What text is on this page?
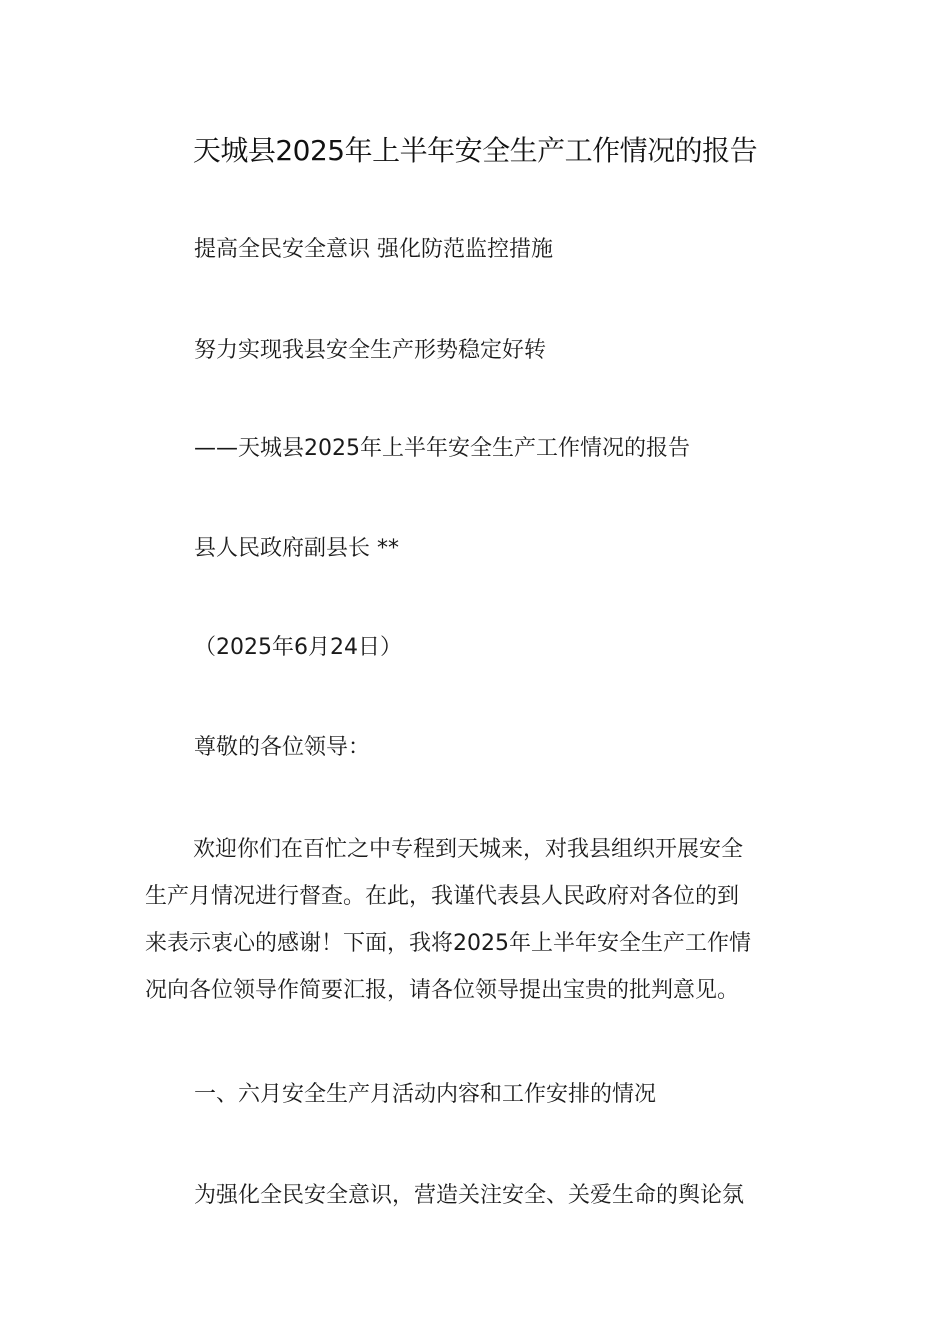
天城县2025年上半年安全生产工作情况的报告

提高全民安全意识 强化防范监控措施

努力实现我县安全生产形势稳定好转

——天城县2025年上半年安全生产工作情况的报告

县人民政府副县长 **

（2025年6月24日）

尊敬的各位领导：

欢迎你们在百忙之中专程到天城来，对我县组织开展安全
生产月情况进行督查。在此，我谨代表县人民政府对各位的到
来表示衷心的感谢！下面，我将2025年上半年安全生产工作情
况向各位领导作简要汇报，请各位领导提出宝贵的批判意见。

一、六月安全生产月活动内容和工作安排的情况

为强化全民安全意识，营造关注安全、关爱生命的舆论氛
